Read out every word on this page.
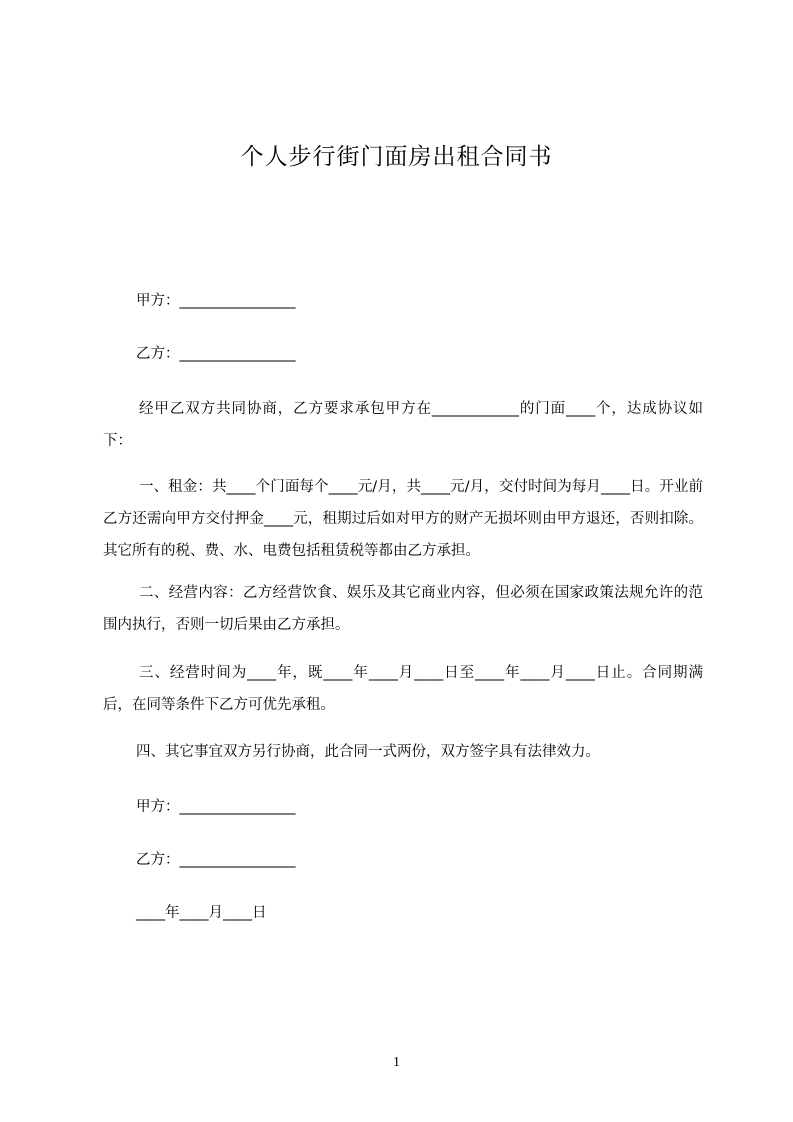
个人步行街门面房出租合同书
甲方：________________
乙方：________________
经甲乙双方共同协商，乙方要求承包甲方在____________的门面____个，达成协议如下：
一、租金：共____个门面每个____元/月，共____元/月，交付时间为每月____日。开业前乙方还需向甲方交付押金____元，租期过后如对甲方的财产无损坏则由甲方退还，否则扣除。其它所有的税、费、水、电费包括租赁税等都由乙方承担。
二、经营内容：乙方经营饮食、娱乐及其它商业内容，但必须在国家政策法规允许的范围内执行，否则一切后果由乙方承担。
三、经营时间为____年，既____年____月____日至____年____月____日止。合同期满后，在同等条件下乙方可优先承租。
四、其它事宜双方另行协商，此合同一式两份，双方签字具有法律效力。
甲方：________________
乙方：________________
____年____月____日
1
